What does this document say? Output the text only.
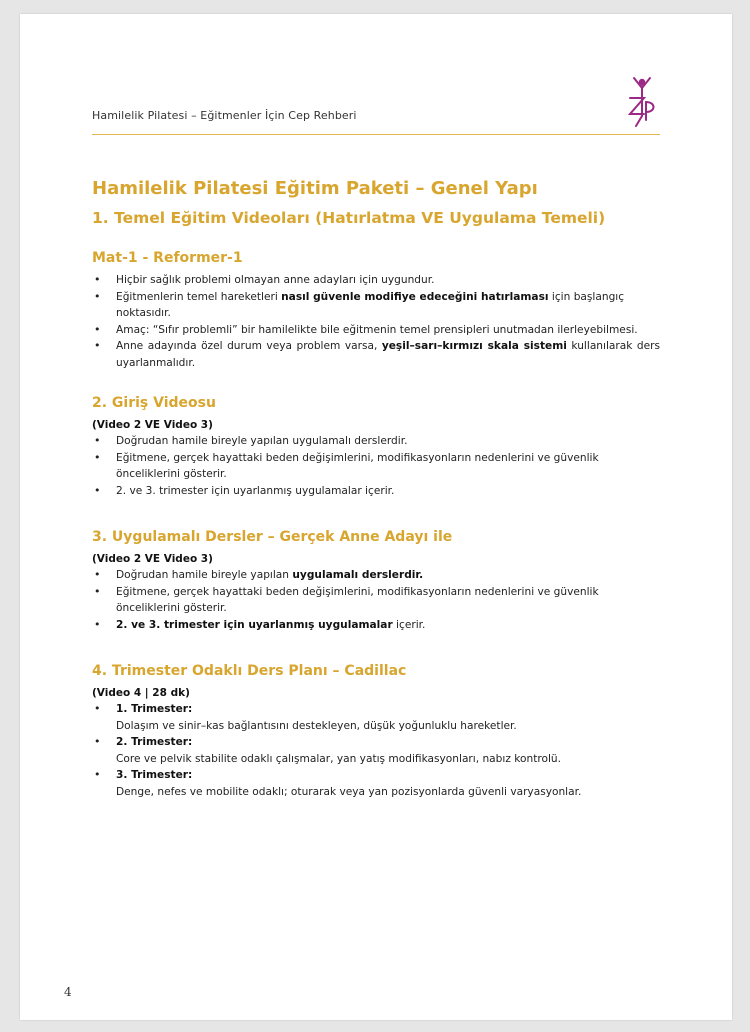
Hamilelik Pilatesi – Eğitmenler İçin Cep Rehberi

Hamilelik Pilatesi Eğitim Paketi – Genel Yapı

1. Temel Eğitim Videoları (Hatırlatma VE Uygulama Temeli)

Mat-1 - Reformer-1

• Hiçbir sağlık problemi olmayan anne adayları için uygundur.
• Eğitmenlerin temel hareketleri nasıl güvenle modifiye edeceğini hatırlaması için başlangıç noktasıdır.
• Amaç: “Sıfır problemli” bir hamilelikte bile eğitmenin temel prensipleri unutmadan ilerleyebilmesi.
• Anne adayında özel durum veya problem varsa, yeşil–sarı–kırmızı skala sistemi kullanılarak ders uyarlanmalıdır.

2. Giriş Videosu

(Video 2 VE Video 3)

• Doğrudan hamile bireyle yapılan uygulamalı derslerdir.
• Eğitmene, gerçek hayattaki beden değişimlerini, modifikasyonların nedenlerini ve güvenlik önceliklerini gösterir.
• 2. ve 3. trimester için uyarlanmış uygulamalar içerir.

3. Uygulamalı Dersler – Gerçek Anne Adayı ile

(Video 2 VE Video 3)

• Doğrudan hamile bireyle yapılan uygulamalı derslerdir.
• Eğitmene, gerçek hayattaki beden değişimlerini, modifikasyonların nedenlerini ve güvenlik önceliklerini gösterir.
• 2. ve 3. trimester için uyarlanmış uygulamalar içerir.

4. Trimester Odaklı Ders Planı – Cadillac

(Video 4 | 28 dk)

• 1. Trimester:
Dolaşım ve sinir–kas bağlantısını destekleyen, düşük yoğunluklu hareketler.
• 2. Trimester:
Core ve pelvik stabilite odaklı çalışmalar, yan yatış modifikasyonları, nabız kontrolü.
• 3. Trimester:
Denge, nefes ve mobilite odaklı; oturarak veya yan pozisyonlarda güvenli varyasyonlar.
4
